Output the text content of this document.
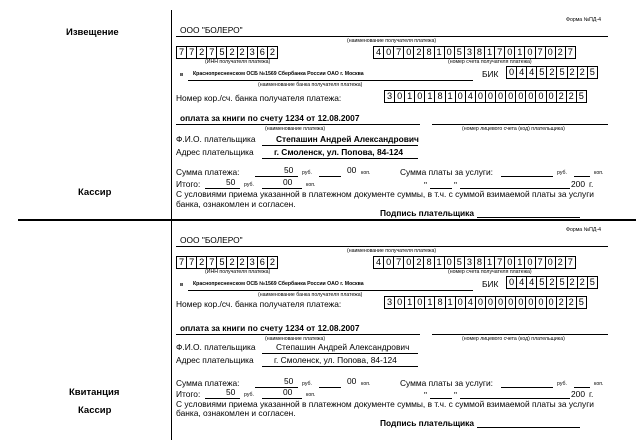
Извещение
Кассир
Квитанция
Кассир
Форма №ПД-4
ООО "БОЛЕРО"
(наименование получателя платежа)
7 7 2 7 5 2 2 3 6 2	4 0 7 0 2 8 1 0 5 3 8 1 7 0 1 0 7 0 2 7
(ИНН получателя платежа)	(номер счета получателя платежа)
в Краснопресненском ОСБ №1569 Сбербанка России ОАО г. Москва
(наименование банка получателя платежа)
БИК 0 4 4 5 2 5 2 2 5
Номер кор./сч. банка получателя платежа:	3 0 1 0 1 8 1 0 4 0 0 0 0 0 0 0 0 2 2 5
оплата за книги по счету 1234 от 12.08.2007
(наименование платежа)	(номер лицевого счета (код) плательщика)
Ф.И.О. плательщика Степашин Андрей Александрович
Адрес плательщика г. Смоленск, ул. Попова, 84-124
Сумма платежа:	50 руб.	00 коп.	Сумма платы за услуги:	руб.	коп.
Итого:	50 руб.	00	коп.	"	"	200 г.
С условиями приема указанной в платежном документе суммы, в т.ч. с суммой взимаемой платы за услуги
банка, ознакомлен и согласен.
Подпись плательщика
Форма №ПД-4
ООО "БОЛЕРО"
(наименование получателя платежа)
7 7 2 7 5 2 2 3 6 2	4 0 7 0 2 8 1 0 5 3 8 1 7 0 1 0 7 0 2 7
(ИНН получателя платежа)	(номер счета получателя платежа)
в Краснопресненском ОСБ №1569 Сбербанка России ОАО г. Москва
(наименование банка получателя платежа)
БИК 0 4 4 5 2 5 2 2 5
Номер кор./сч. банка получателя платежа:	3 0 1 0 1 8 1 0 4 0 0 0 0 0 0 0 0 2 2 5
оплата за книги по счету 1234 от 12.08.2007
(наименование платежа)	(номер лицевого счета (код) плательщика)
Ф.И.О. плательщика Степашин Андрей Александрович
Адрес плательщика г. Смоленск, ул. Попова, 84-124
Сумма платежа:	50 руб.	00 коп.	Сумма платы за услуги:	руб.	коп.
Итого:	50 руб.	00	коп.	"	"	200 г.
С условиями приема указанной в платежном документе суммы, в т.ч. с суммой взимаемой платы за услуги
банка, ознакомлен и согласен.
Подпись плательщика
